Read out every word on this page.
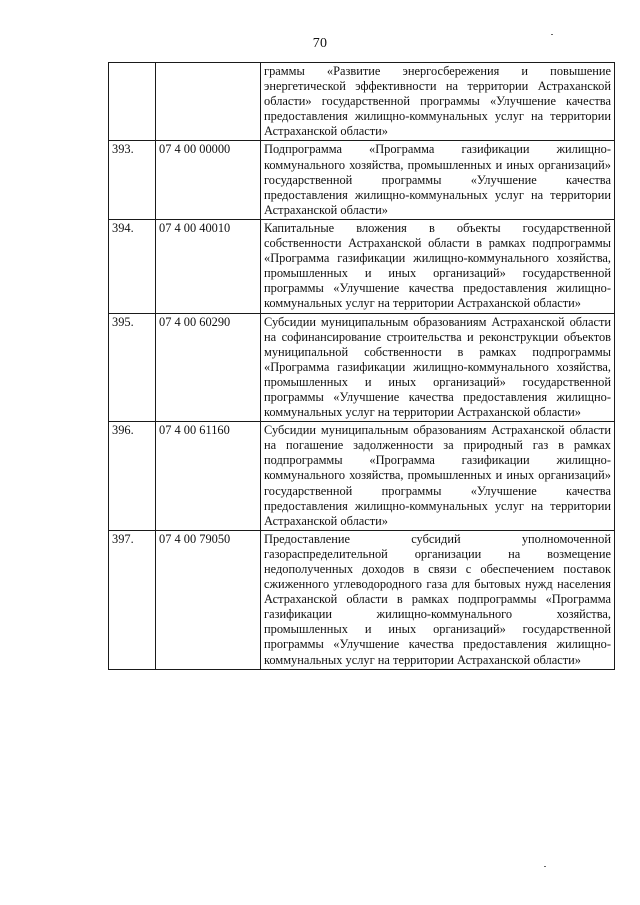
70
		граммы «Развитие энергосбережения и повышение энергетической эффективности на территории Астраханской области» государственной программы «Улучшение качества предоставления жилищно-коммунальных услуг на территории Астраханской области»
393.	07 4 00 00000	Подпрограмма «Программа газификации жилищно-коммунального хозяйства, промышленных и иных организаций» государственной программы «Улучшение качества предоставления жилищно-коммунальных услуг на территории Астраханской области»
394.	07 4 00 40010	Капитальные вложения в объекты государственной собственности Астраханской области в рамках подпрограммы «Программа газификации жилищно-коммунального хозяйства, промышленных и иных организаций» государственной программы «Улучшение качества предоставления жилищно-коммунальных услуг на территории Астраханской области»
395.	07 4 00 60290	Субсидии муниципальным образованиям Астраханской области на софинансирование строительства и реконструкции объектов муниципальной собственности в рамках подпрограммы «Программа газификации жилищно-коммунального хозяйства, промышленных и иных организаций» государственной программы «Улучшение качества предоставления жилищно-коммунальных услуг на территории Астраханской области»
396.	07 4 00 61160	Субсидии муниципальным образованиям Астраханской области на погашение задолженности за природный газ в рамках подпрограммы «Программа газификации жилищно-коммунального хозяйства, промышленных и иных организаций» государственной программы «Улучшение качества предоставления жилищно-коммунальных услуг на территории Астраханской области»
397.	07 4 00 79050	Предоставление субсидий уполномоченной газораспределительной организации на возмещение недополученных доходов в связи с обеспечением поставок сжиженного углеводородного газа для бытовых нужд населения Астраханской области в рамках подпрограммы «Программа газификации жилищно-коммунального хозяйства, промышленных и иных организаций» государственной программы «Улучшение качества предоставления жилищно-коммунальных услуг на территории Астраханской области»
